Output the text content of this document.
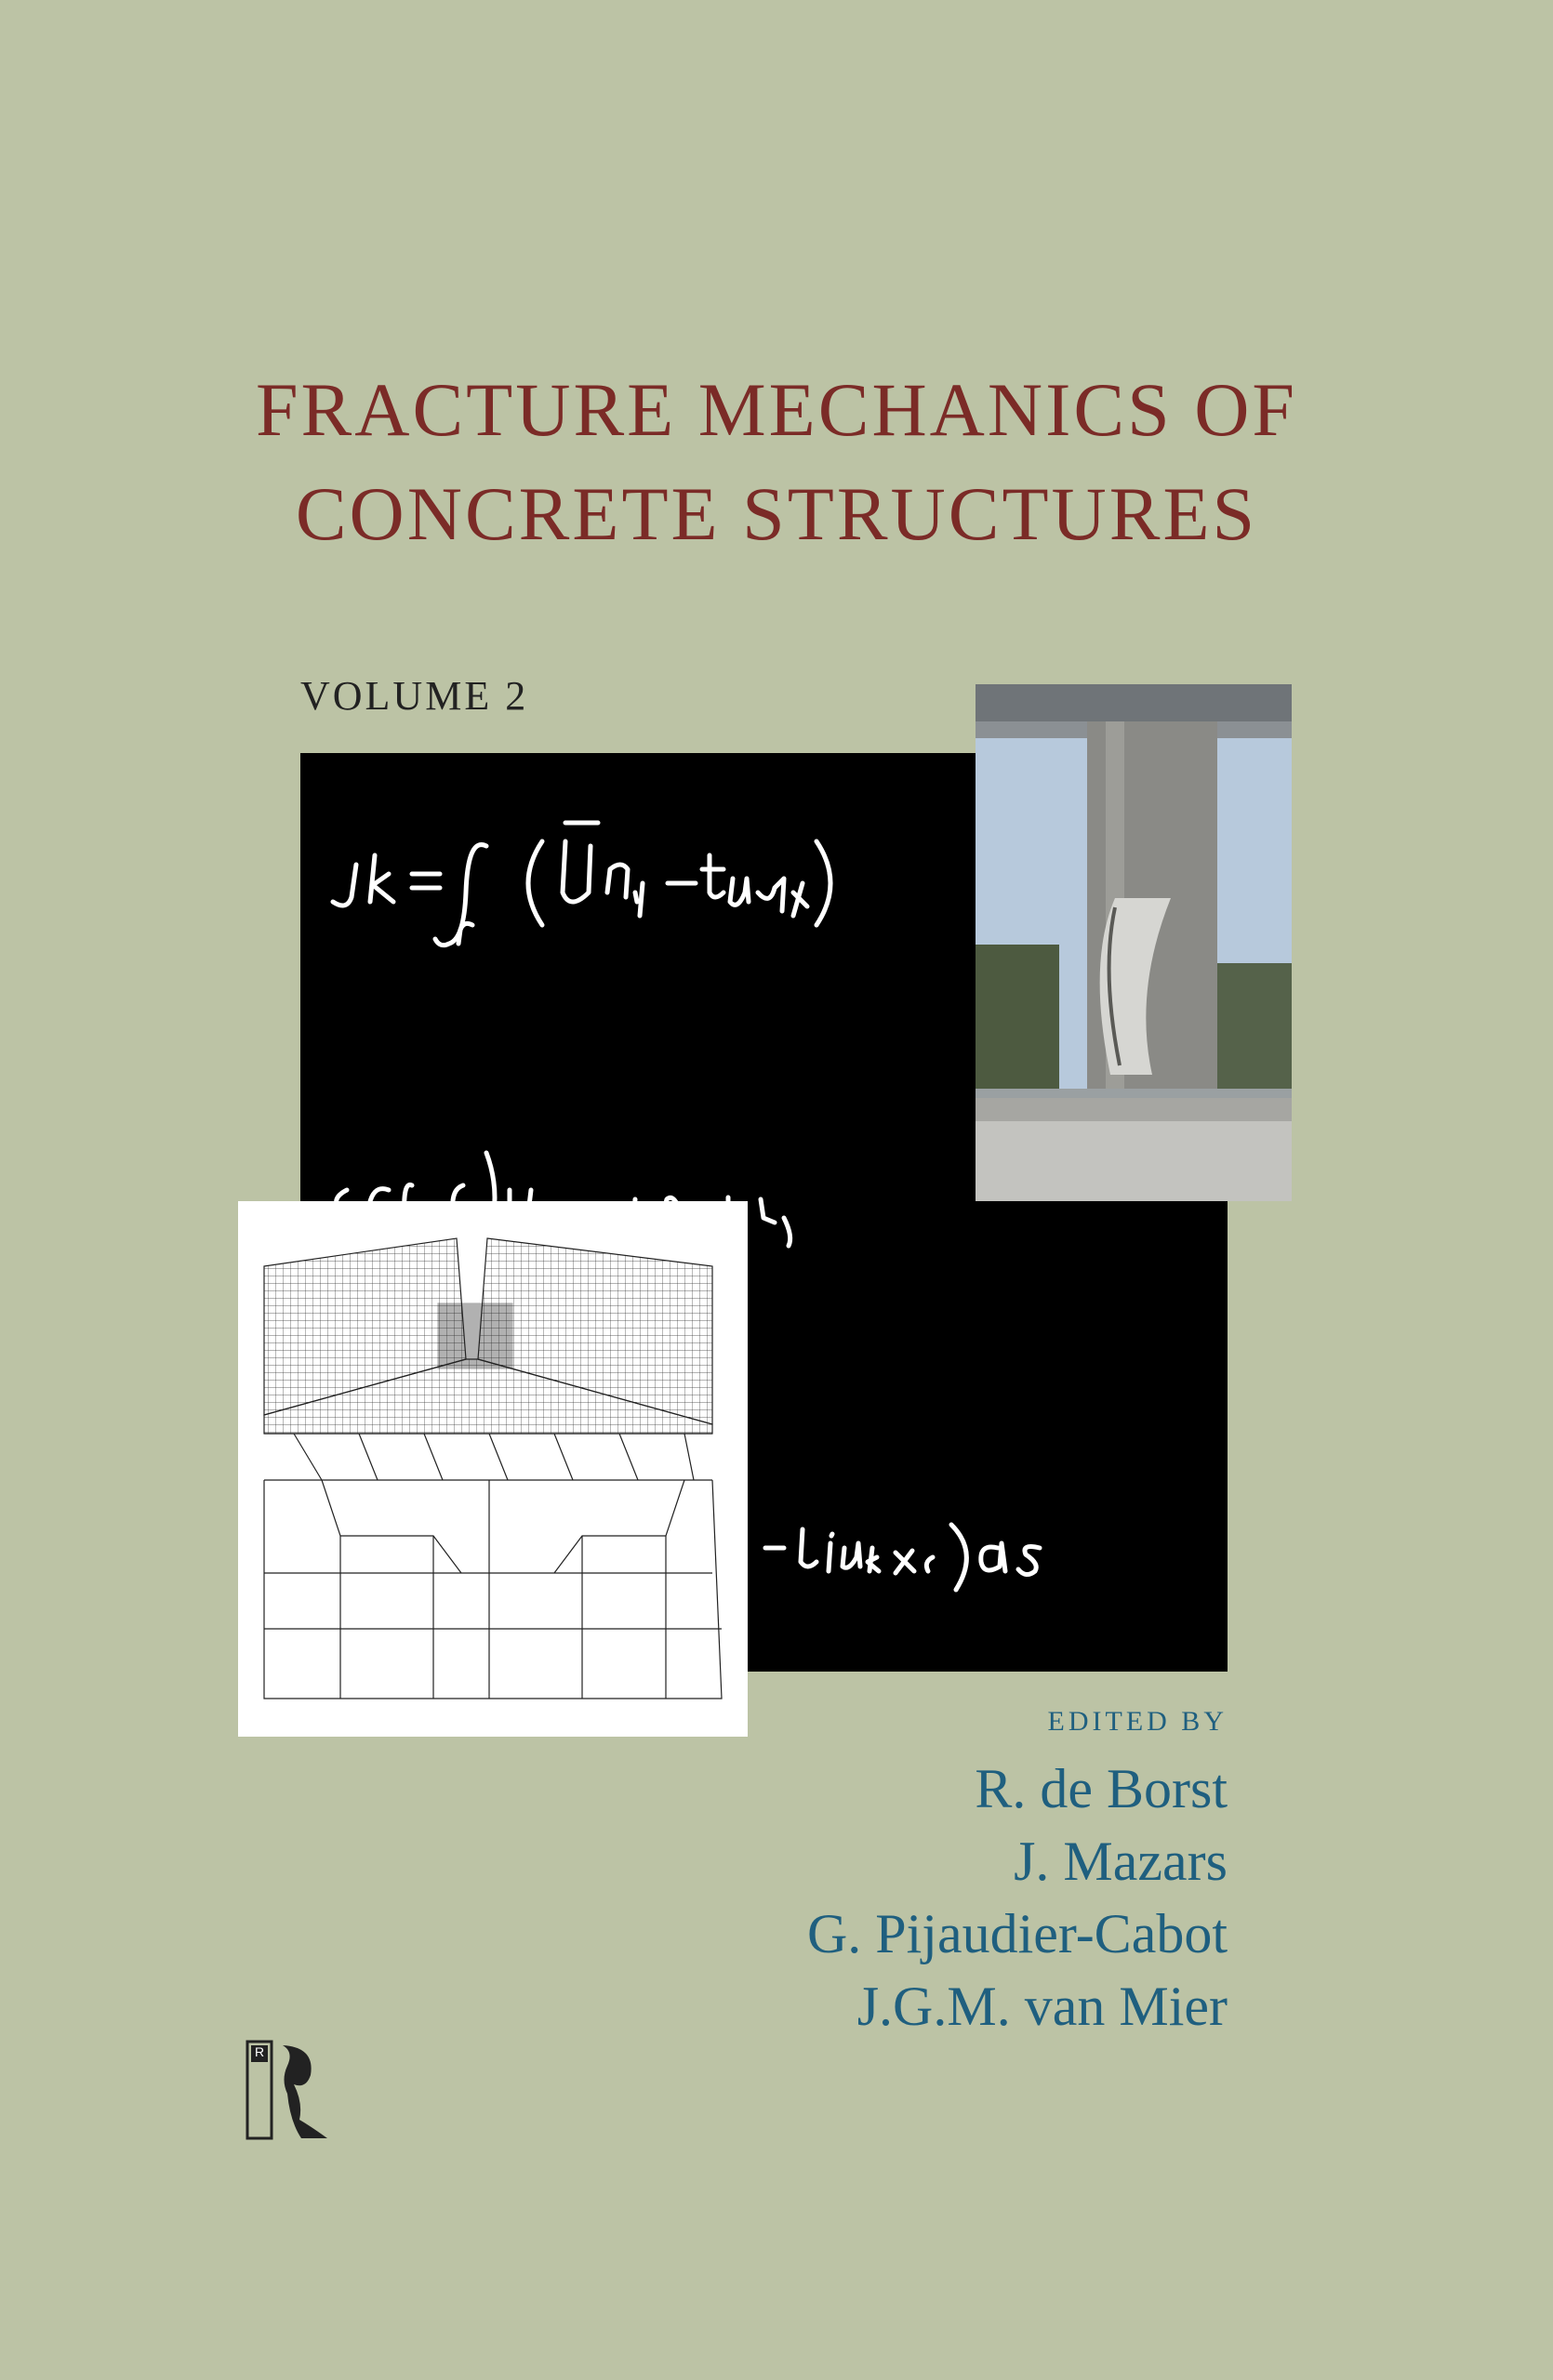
FRACTURE MECHANICS OF
CONCRETE STRUCTURES
VOLUME 2
EDITED BY
R. de Borst
J. Mazars
G. Pijaudier-Cabot
J.G.M. van Mier
R
